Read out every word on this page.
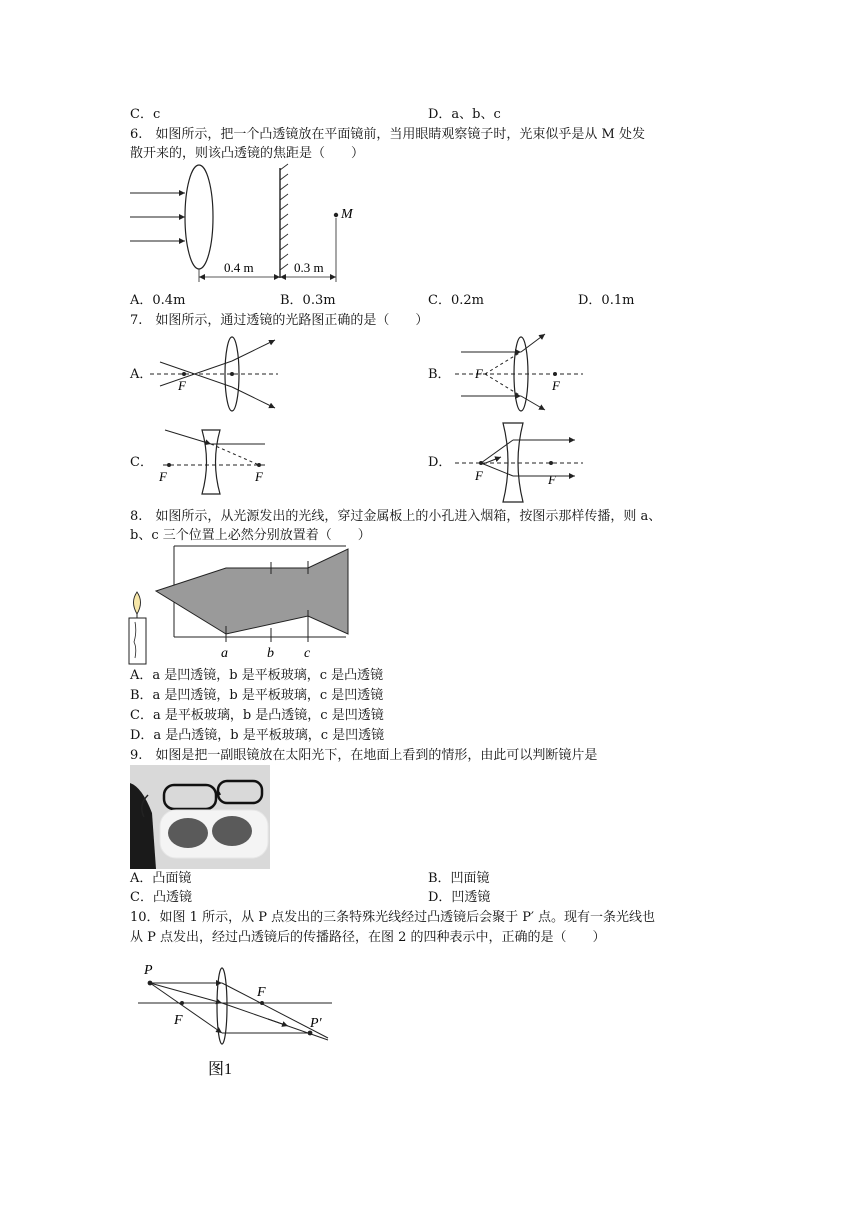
C．c	D．a、b、c
6.　如图所示，把一个凸透镜放在平面镜前，当用眼睛观察镜子时，光束似乎是从 M 处发
散开来的，则该凸透镜的焦距是（　　）
M
0.4 m	0.3 m
A．0.4m	B．0.3m	C．0.2m	D．0.1m
7.　如图所示，通过透镜的光路图正确的是（　　）
A．
F
B．
F
F
C．
F	F
D．
F	F
8.　如图所示，从光源发出的光线，穿过金属板上的小孔进入烟箱，按图示那样传播，则 a、
b、c 三个位置上必然分别放置着（　　）
a	b c
A．a 是凹透镜，b 是平板玻璃，c 是凸透镜
B．a 是凹透镜，b 是平板玻璃，c 是凹透镜
C．a 是平板玻璃，b 是凸透镜，c 是凹透镜
D．a 是凸透镜，b 是平板玻璃，c 是凹透镜
9.　如图是把一副眼镜放在太阳光下，在地面上看到的情形，由此可以判断镜片是
A．凸面镜	B．凹面镜
C．凸透镜	D．凹透镜
10．如图 1 所示，从 P 点发出的三条特殊光线经过凸透镜后会聚于 P′ 点。现有一条光线也
从 P 点发出，经过凸透镜后的传播路径，在图 2 的四种表示中，正确的是（　　）
P
F
F
P′
图1
